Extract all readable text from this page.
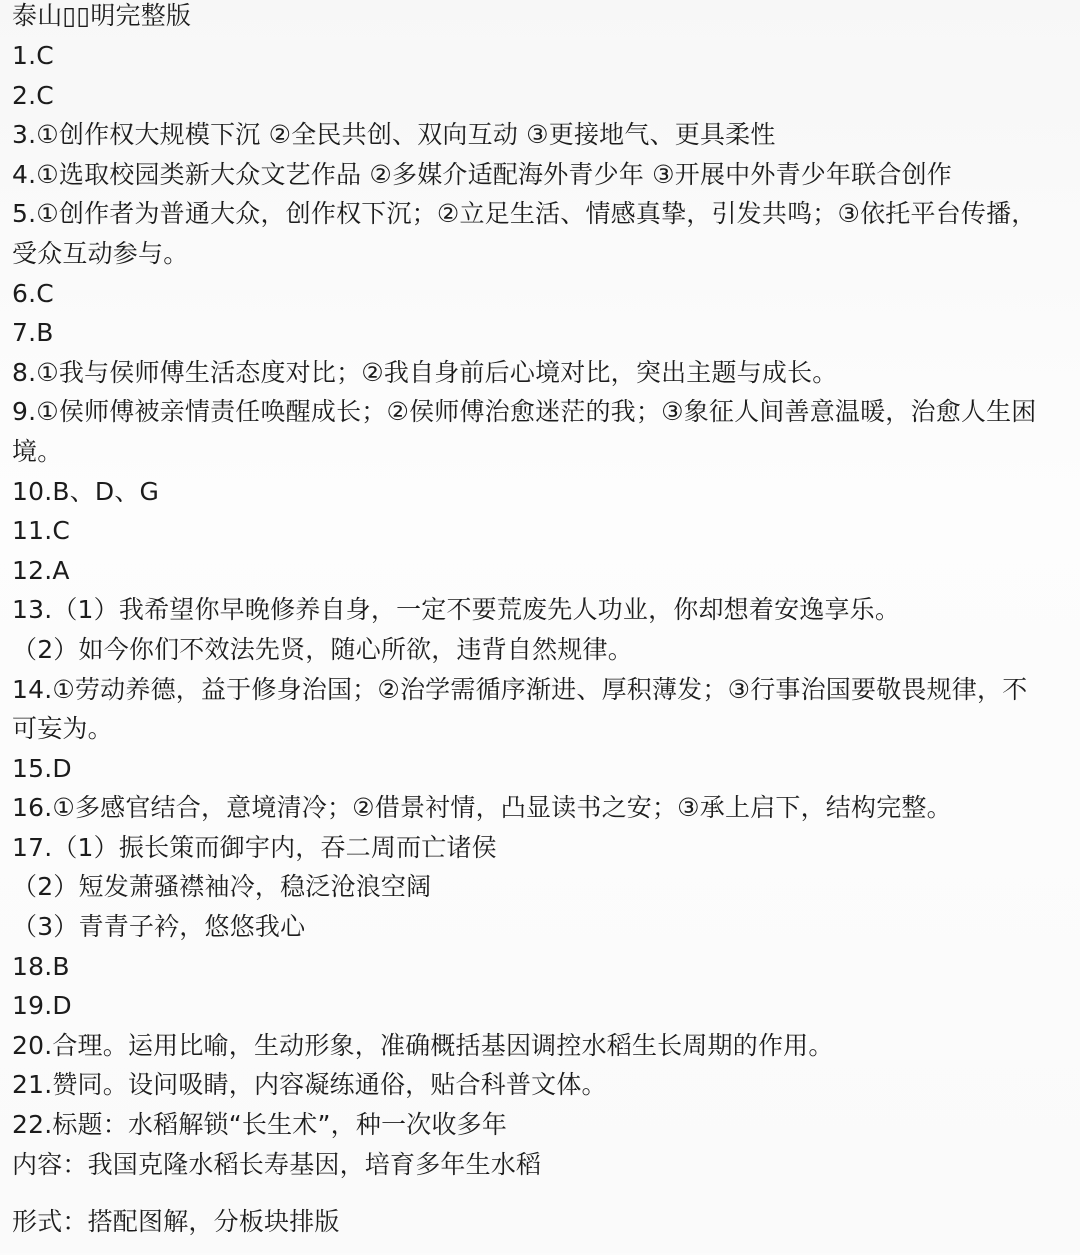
泰山▯▯明完整版
1.C
2.C
3.①创作权大规模下沉 ②全民共创、双向互动 ③更接地气、更具柔性
4.①选取校园类新大众文艺作品 ②多媒介适配海外青少年 ③开展中外青少年联合创作
5.①创作者为普通大众，创作权下沉；②立足生活、情感真挚，引发共鸣；③依托平台传播，
受众互动参与。
6.C
7.B
8.①我与侯师傅生活态度对比；②我自身前后心境对比，突出主题与成长。
9.①侯师傅被亲情责任唤醒成长；②侯师傅治愈迷茫的我；③象征人间善意温暖，治愈人生困
境。
10.B、D、G
11.C
12.A
13.（1）我希望你早晚修养自身，一定不要荒废先人功业，你却想着安逸享乐。
（2）如今你们不效法先贤，随心所欲，违背自然规律。
14.①劳动养德，益于修身治国；②治学需循序渐进、厚积薄发；③行事治国要敬畏规律，不
可妄为。
15.D
16.①多感官结合，意境清冷；②借景衬情，凸显读书之安；③承上启下，结构完整。
17.（1）振长策而御宇内，吞二周而亡诸侯
（2）短发萧骚襟袖冷，稳泛沧浪空阔
（3）青青子衿，悠悠我心
18.B
19.D
20.合理。运用比喻，生动形象，准确概括基因调控水稻生长周期的作用。
21.赞同。设问吸睛，内容凝练通俗，贴合科普文体。
22.标题：水稻解锁“长生术”，种一次收多年
内容：我国克隆水稻长寿基因，培育多年生水稻
形式：搭配图解，分板块排版
